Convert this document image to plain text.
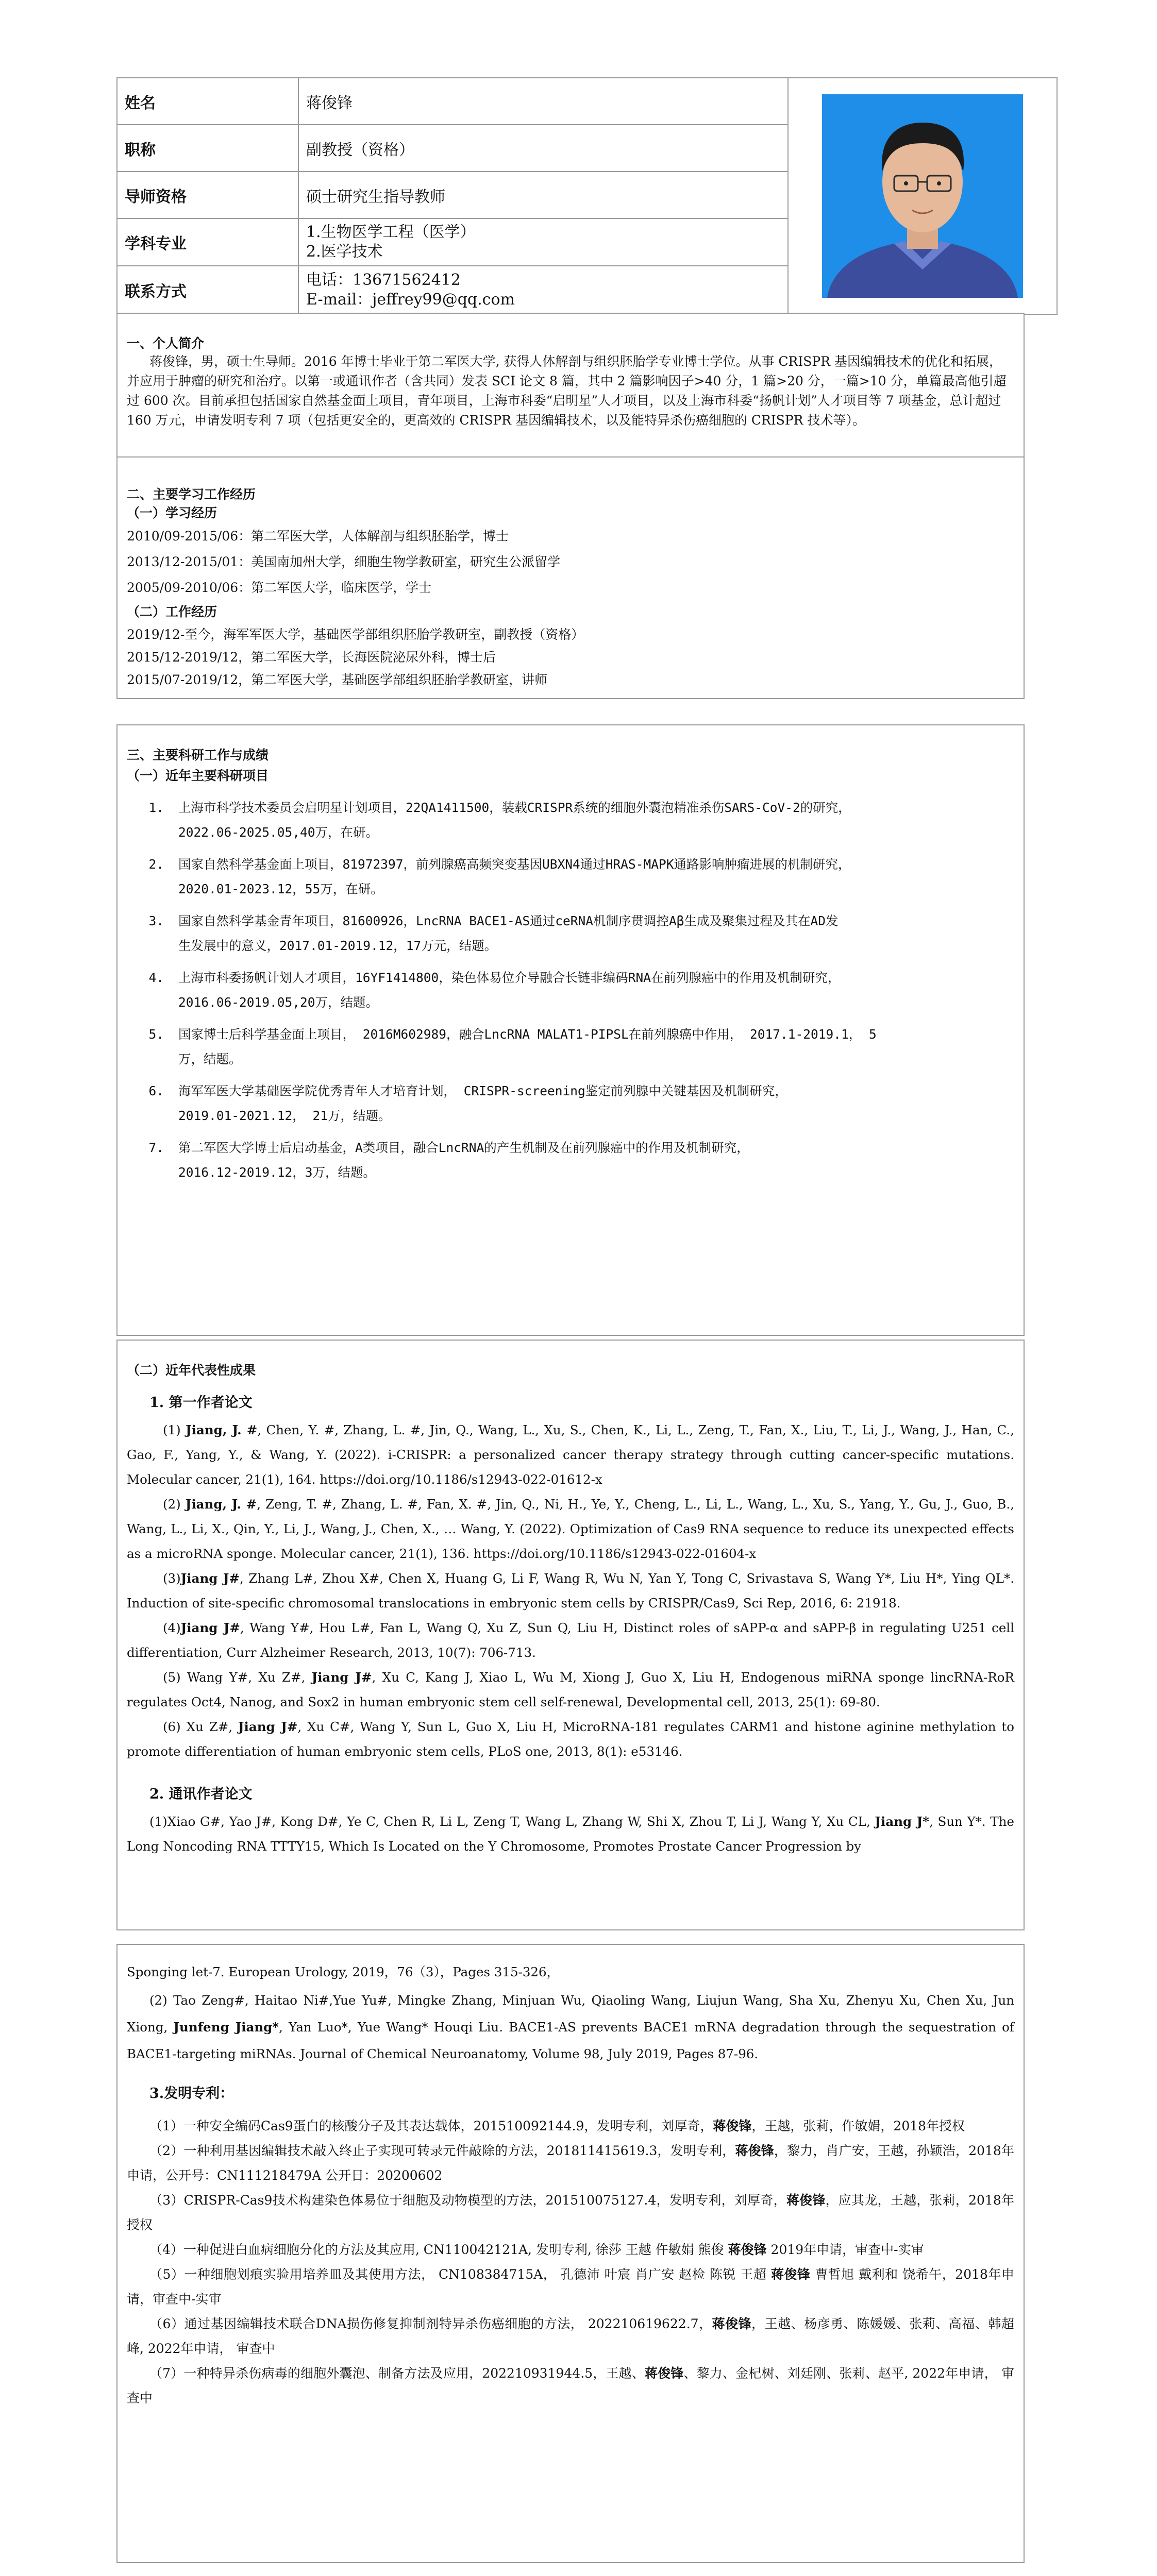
姓名	蒋俊锋	

职称	副教授（资格）	
导师资格	硕士研究生指导教师	
学科专业	1.生物医学工程（医学）
2.医学技术	

联系方式	电话：13671562412
E-mail：jeffrey99@qq.com	

一、个人简介

蒋俊锋，男，硕士生导师。2016 年博士毕业于第二军医大学, 获得人体解剖与组织胚胎学专业博士学位。从事 CRISPR 基因编辑技术的优化和拓展，并应用于肿瘤的研究和治疗。以第一或通讯作者（含共同）发表 SCI 论文 8 篇，其中 2 篇影响因子>40 分，1 篇>20 分，一篇>10 分，单篇最高他引超过 600 次。目前承担包括国家自然基金面上项目，青年项目，上海市科委“启明星”人才项目，以及上海市科委“扬帆计划”人才项目等 7 项基金，总计超过 160 万元，申请发明专利 7 项（包括更安全的，更高效的 CRISPR 基因编辑技术，以及能特异杀伤癌细胞的 CRISPR 技术等）。

二、主要学习工作经历

（一）学习经历

2010/09-2015/06：第二军医大学，人体解剖与组织胚胎学，博士

2013/12-2015/01：美国南加州大学，细胞生物学教研室，研究生公派留学

2005/09-2010/06：第二军医大学，临床医学，学士

（二）工作经历

2019/12-至今，海军军医大学，基础医学部组织胚胎学教研室，副教授（资格）

2015/12-2019/12，第二军医大学，长海医院泌尿外科，博士后

2015/07-2019/12，第二军医大学，基础医学部组织胚胎学教研室，讲师

三、主要科研工作与成绩

（一）近年主要科研项目

1.	上海市科学技术委员会启明星计划项目，22QA1411500，装载CRISPR系统的细胞外囊泡精准杀伤SARS-CoV-2的研究，
2022.06-2025.05,40万，在研。
2.	国家自然科学基金面上项目，81972397，前列腺癌高频突变基因UBXN4通过HRAS-MAPK通路影响肿瘤进展的机制研究，
2020.01-2023.12，55万，在研。
3.	国家自然科学基金青年项目，81600926，LncRNA BACE1-AS通过ceRNA机制序贯调控Aβ生成及聚集过程及其在AD发
生发展中的意义，2017.01-2019.12，17万元，结题。
4.	上海市科委扬帆计划人才项目，16YF1414800，染色体易位介导融合长链非编码RNA在前列腺癌中的作用及机制研究，
2016.06-2019.05,20万，结题。
5.	国家博士后科学基金面上项目， 2016M602989，融合LncRNA MALAT1-PIPSL在前列腺癌中作用， 2017.1-2019.1， 5
万，结题。
6.	海军军医大学基础医学院优秀青年人才培育计划， CRISPR-screening鉴定前列腺中关键基因及机制研究，
2019.01-2021.12， 21万，结题。
7.	第二军医大学博士后启动基金，A类项目，融合LncRNA的产生机制及在前列腺癌中的作用及机制研究，
2016.12-2019.12，3万，结题。

（二）近年代表性成果

1. 第一作者论文

(1) Jiang, J. #, Chen, Y. #, Zhang, L. #, Jin, Q., Wang, L., Xu, S., Chen, K., Li, L., Zeng, T., Fan, X., Liu, T., Li, J., Wang, J., Han, C., Gao, F., Yang, Y., & Wang, Y. (2022). i-CRISPR: a personalized cancer therapy strategy through cutting cancer-specific mutations. Molecular cancer, 21(1), 164. https://doi.org/10.1186/s12943-022-01612-x

(2) Jiang, J. #, Zeng, T. #, Zhang, L. #, Fan, X. #, Jin, Q., Ni, H., Ye, Y., Cheng, L., Li, L., Wang, L., Xu, S., Yang, Y., Gu, J., Guo, B., Wang, L., Li, X., Qin, Y., Li, J., Wang, J., Chen, X., … Wang, Y. (2022). Optimization of Cas9 RNA sequence to reduce its unexpected effects as a microRNA sponge. Molecular cancer, 21(1), 136. https://doi.org/10.1186/s12943-022-01604-x

(3)Jiang J#, Zhang L#, Zhou X#, Chen X, Huang G, Li F, Wang R, Wu N, Yan Y, Tong C, Srivastava S, Wang Y*, Liu H*, Ying QL*. Induction of site-specific chromosomal translocations in embryonic stem cells by CRISPR/Cas9, Sci Rep, 2016, 6: 21918.

(4)Jiang J#, Wang Y#, Hou L#, Fan L, Wang Q, Xu Z, Sun Q, Liu H, Distinct roles of sAPP-α and sAPP-β in regulating U251 cell differentiation, Curr Alzheimer Research, 2013, 10(7): 706-713.

(5) Wang Y#, Xu Z#, Jiang J#, Xu C, Kang J, Xiao L, Wu M, Xiong J, Guo X, Liu H, Endogenous miRNA sponge lincRNA-RoR regulates Oct4, Nanog, and Sox2 in human embryonic stem cell self-renewal, Developmental cell, 2013, 25(1): 69-80.

(6) Xu Z#, Jiang J#, Xu C#, Wang Y, Sun L, Guo X, Liu H, MicroRNA-181 regulates CARM1 and histone aginine methylation to promote differentiation of human embryonic stem cells, PLoS one, 2013, 8(1): e53146.

2. 通讯作者论文

(1)Xiao G#, Yao J#, Kong D#, Ye C, Chen R, Li L, Zeng T, Wang L, Zhang W, Shi X, Zhou T, Li J, Wang Y, Xu CL, Jiang J*, Sun Y*. The Long Noncoding RNA TTTY15, Which Is Located on the Y Chromosome, Promotes Prostate Cancer Progression by

Sponging let-7. European Urology, 2019，76（3），Pages 315-326，

(2) Tao Zeng#, Haitao Ni#,Yue Yu#, Mingke Zhang, Minjuan Wu, Qiaoling Wang, Liujun Wang, Sha Xu, Zhenyu Xu, Chen Xu, Jun Xiong, Junfeng Jiang*, Yan Luo*, Yue Wang* Houqi Liu. BACE1-AS prevents BACE1 mRNA degradation through the sequestration of BACE1-targeting miRNAs. Journal of Chemical Neuroanatomy, Volume 98, July 2019, Pages 87-96.

3.发明专利：

（1）一种安全编码Cas9蛋白的核酸分子及其表达载体，201510092144.9，发明专利，刘厚奇，蒋俊锋，王越，张莉，仵敏娟，2018年授权

（2）一种利用基因编辑技术敲入终止子实现可转录元件敲除的方法，201811415619.3，发明专利，蒋俊锋，黎力，肖广安，王越，孙颖浩，2018年申请，公开号：CN111218479A 公开日：20200602

（3）CRISPR-Cas9技术构建染色体易位于细胞及动物模型的方法，201510075127.4，发明专利，刘厚奇，蒋俊锋，应其龙，王越，张莉，2018年授权

（4）一种促进白血病细胞分化的方法及其应用, CN110042121A, 发明专利, 徐莎 王越 仵敏娟 熊俊 蒋俊锋 2019年申请，审查中-实审

（5）一种细胞划痕实验用培养皿及其使用方法， CN108384715A， 孔德沛 叶宸 肖广安 赵检 陈锐 王超 蒋俊锋 曹哲旭 戴利和 饶希午，2018年申请，审查中-实审

（6）通过基因编辑技术联合DNA损伤修复抑制剂特异杀伤癌细胞的方法， 202210619622.7，蒋俊锋，王越、杨彦勇、陈媛媛、张莉、高福、韩超峰, 2022年申请， 审查中

（7）一种特异杀伤病毒的细胞外囊泡、制备方法及应用，202210931944.5，王越、蒋俊锋、黎力、金杞树、刘廷刚、张莉、赵平, 2022年申请， 审查中
